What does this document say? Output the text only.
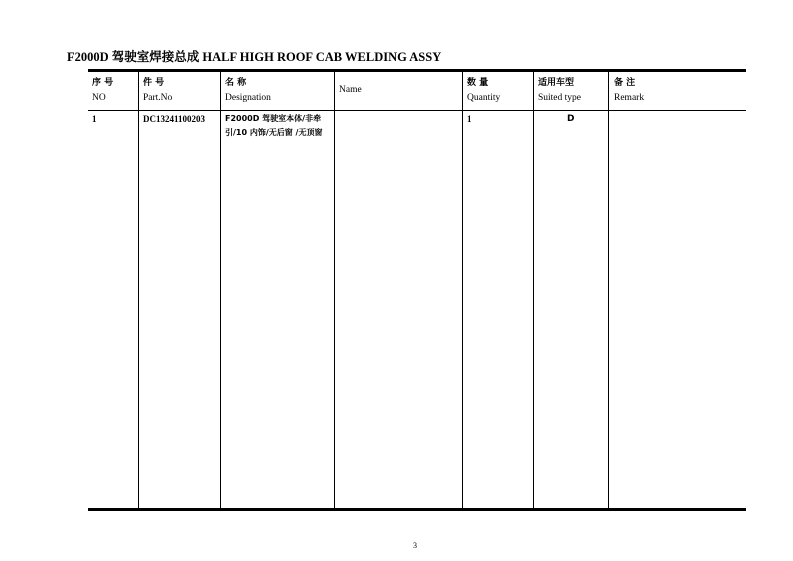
F2000D 驾驶室焊接总成 HALF HIGH ROOF CAB WELDING ASSY
序 号
NO
件 号
Part.No
名 称
Designation
Name
数 量
Quantity
适用车型
Suited type
备 注
Remark
1	DC13241100203 F2000D 驾驶室本体/非牵引/10 内饰/无后窗 /无顶窗
1	D
3
